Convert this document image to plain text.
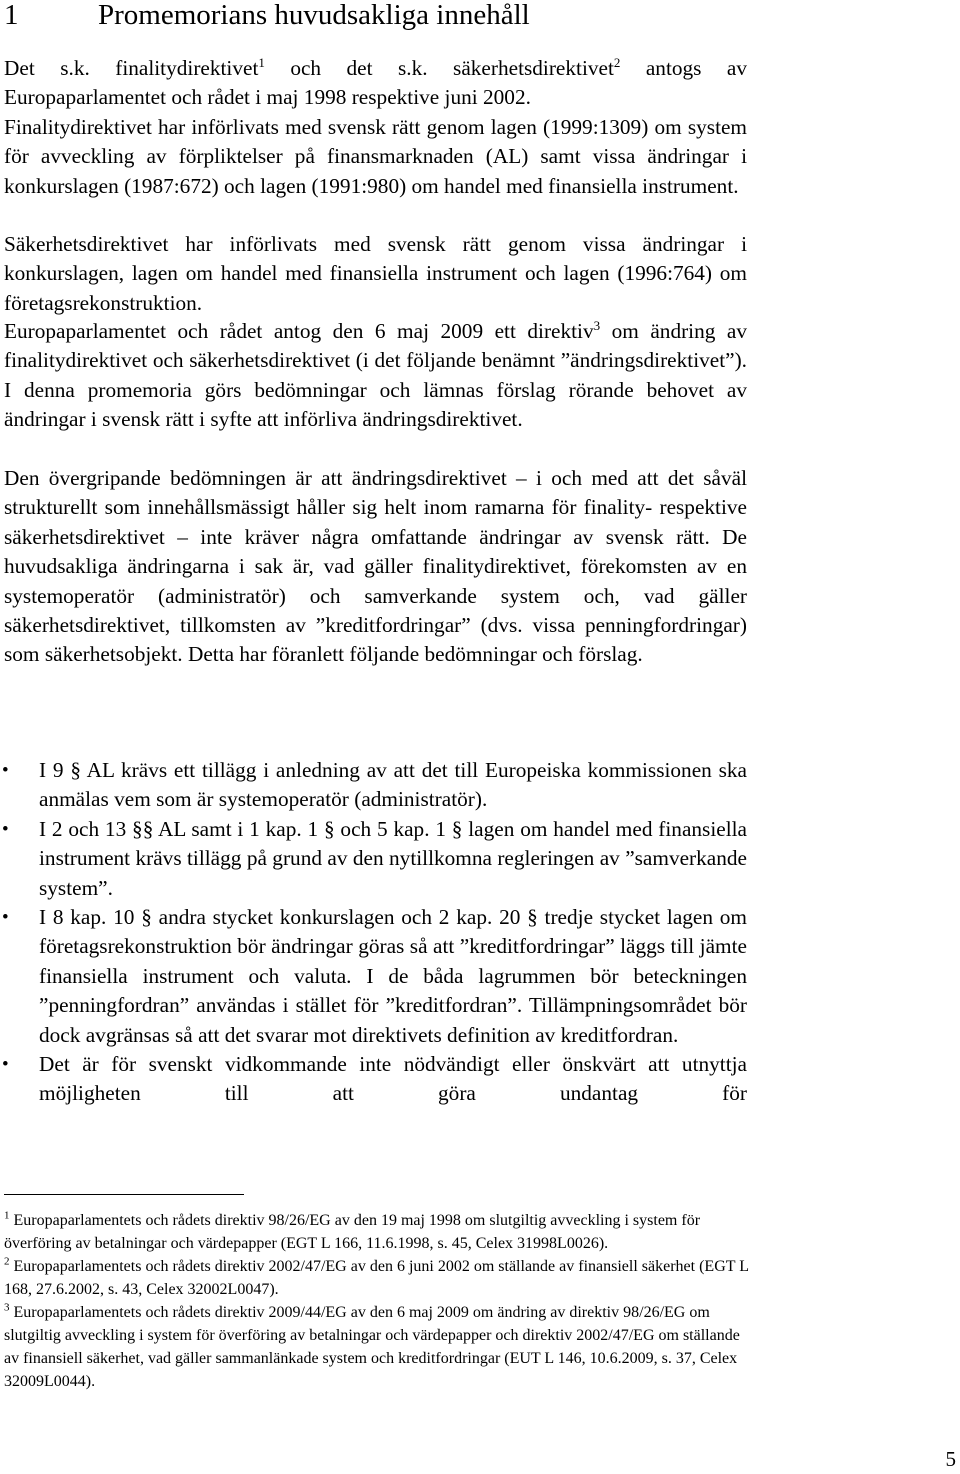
1	Promemorians huvudsakliga innehåll

Det s.k. finalitydirektivet$^1$ och det s.k. säkerhetsdirektivet$^2$ antogs av Europaparlamentet och rådet i maj 1998 respektive juni 2002.

Finalitydirektivet har införlivats med svensk rätt genom lagen (1999:1309) om system för avveckling av förpliktelser på finansmarknaden (AL) samt vissa ändringar i konkurslagen (1987:672) och lagen (1991:980) om handel med finansiella instrument.

Säkerhetsdirektivet har införlivats med svensk rätt genom vissa ändringar i konkurslagen, lagen om handel med finansiella instrument och lagen (1996:764) om företagsrekonstruktion.

Europaparlamentet och rådet antog den 6 maj 2009 ett direktiv$^3$ om ändring av finalitydirektivet och säkerhetsdirektivet (i det följande benämnt ”ändringsdirektivet”). I denna promemoria görs bedömningar och lämnas förslag rörande behovet av ändringar i svensk rätt i syfte att införliva ändringsdirektivet.

Den övergripande bedömningen är att ändringsdirektivet – i och med att det såväl strukturellt som innehållsmässigt håller sig helt inom ramarna för finality- respektive säkerhetsdirektivet – inte kräver några omfattande ändringar av svensk rätt. De huvudsakliga ändringarna i sak är, vad gäller finalitydirektivet, förekomsten av en systemoperatör (administratör) och samverkande system och, vad gäller säkerhetsdirektivet, tillkomsten av ”kreditfordringar” (dvs. vissa penningfordringar) som säkerhetsobjekt. Detta har föranlett följande bedömningar och förslag.

• I 9 § AL krävs ett tillägg i anledning av att det till Europeiska kommissionen ska anmälas vem som är systemoperatör (administratör).
• I 2 och 13 §§ AL samt i 1 kap. 1 § och 5 kap. 1 § lagen om handel med finansiella instrument krävs tillägg på grund av den nytillkomna regleringen av ”samverkande system”.
• I 8 kap. 10 § andra stycket konkurslagen och 2 kap. 20 § tredje stycket lagen om företagsrekonstruktion bör ändringar göras så att ”kreditfordringar” läggs till jämte finansiella instrument och valuta. I de båda lagrummen bör beteckningen ”penningfordran” användas i stället för ”kreditfordran”. Tillämpningsområdet bör dock avgränsas så att det svarar mot direktivets definition av kreditfordran.
• Det är för svenskt vidkommande inte nödvändigt eller önskvärt att utnyttja möjligheten till att göra undantag för

$^1$ Europaparlamentets och rådets direktiv 98/26/EG av den 19 maj 1998 om slutgiltig avveckling i system för överföring av betalningar och värdepapper (EGT L 166, 11.6.1998, s. 45, Celex 31998L0026).

$^2$ Europaparlamentets och rådets direktiv 2002/47/EG av den 6 juni 2002 om ställande av finansiell säkerhet (EGT L 168, 27.6.2002, s. 43, Celex 32002L0047).

$^3$ Europaparlamentets och rådets direktiv 2009/44/EG av den 6 maj 2009 om ändring av direktiv 98/26/EG om slutgiltig avveckling i system för överföring av betalningar och värdepapper och direktiv 2002/47/EG om ställande av finansiell säkerhet, vad gäller sammanlänkade system och kreditfordringar (EUT L 146, 10.6.2009, s. 37, Celex 32009L0044).

5
